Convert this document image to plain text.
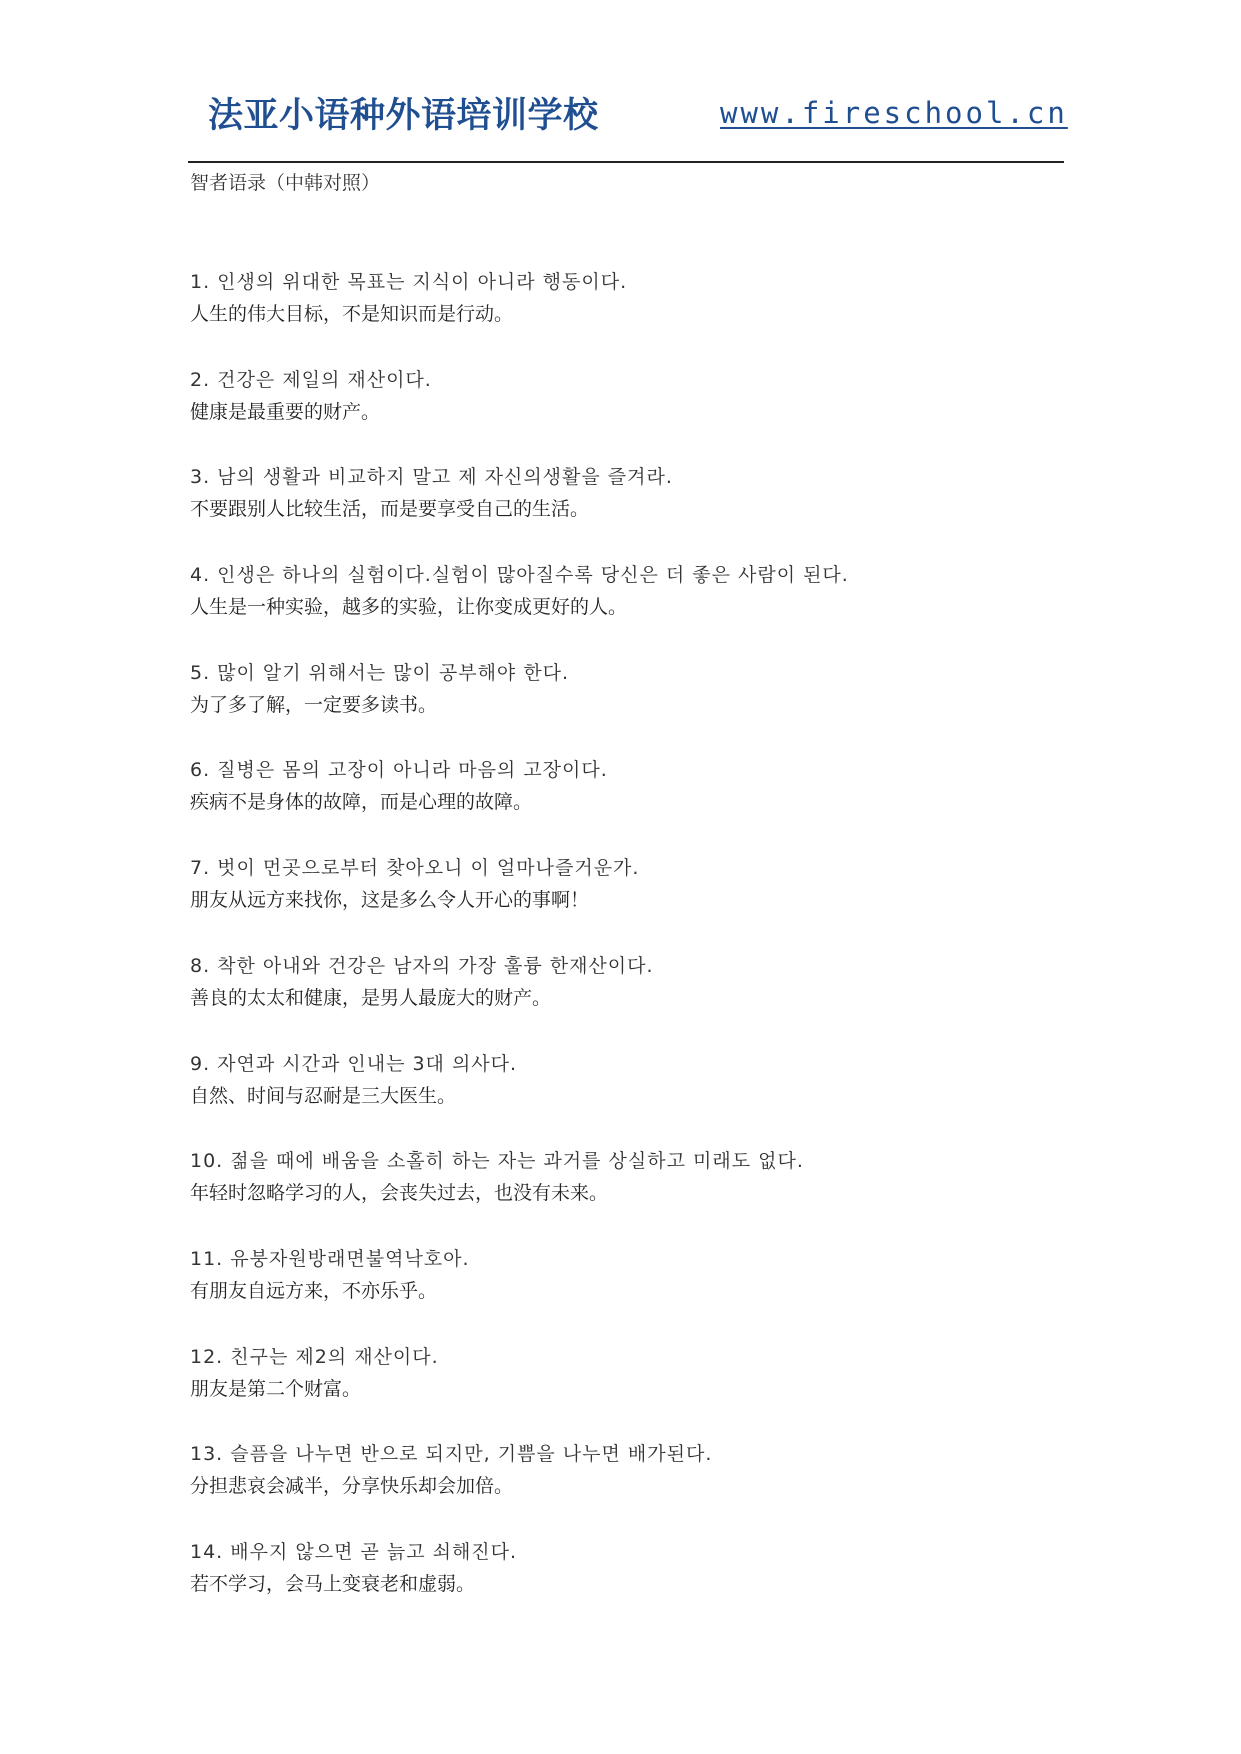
法亚小语种外语培训学校	www.fireschool.cn
智者语录（中韩对照）
1. 인생의 위대한 목표는 지식이 아니라 행동이다.
人生的伟大目标，不是知识而是行动。
2. 건강은 제일의 재산이다.
健康是最重要的财产。
3. 남의 생활과 비교하지 말고 제 자신의생활을 즐겨라.
不要跟别人比较生活，而是要享受自己的生活。
4. 인생은 하나의 실험이다.실험이 많아질수록 당신은 더 좋은 사람이 된다.
人生是一种实验，越多的实验，让你变成更好的人。
5. 많이 알기 위해서는 많이 공부해야 한다.
为了多了解，一定要多读书。
6. 질병은 몸의 고장이 아니라 마음의 고장이다.
疾病不是身体的故障，而是心理的故障。
7. 벗이 먼곳으로부터 찾아오니 이 얼마나즐거운가.
朋友从远方来找你，这是多么令人开心的事啊！
8. 착한 아내와 건강은 남자의 가장 훌륭 한재산이다.
善良的太太和健康，是男人最庞大的财产。
9. 자연과 시간과 인내는 3대 의사다.
自然、时间与忍耐是三大医生。
10. 젊을 때에 배움을 소홀히 하는 자는 과거를 상실하고 미래도 없다.
年轻时忽略学习的人，会丧失过去，也没有未来。
11. 유붕자원방래면불역낙호아.
有朋友自远方来，不亦乐乎。
12. 친구는 제2의 재산이다.
朋友是第二个财富。
13. 슬픔을 나누면 반으로 되지만, 기쁨을 나누면 배가된다.
分担悲哀会减半，分享快乐却会加倍。
14. 배우지 않으면 곧 늙고 쇠해진다.
若不学习，会马上变衰老和虚弱。
